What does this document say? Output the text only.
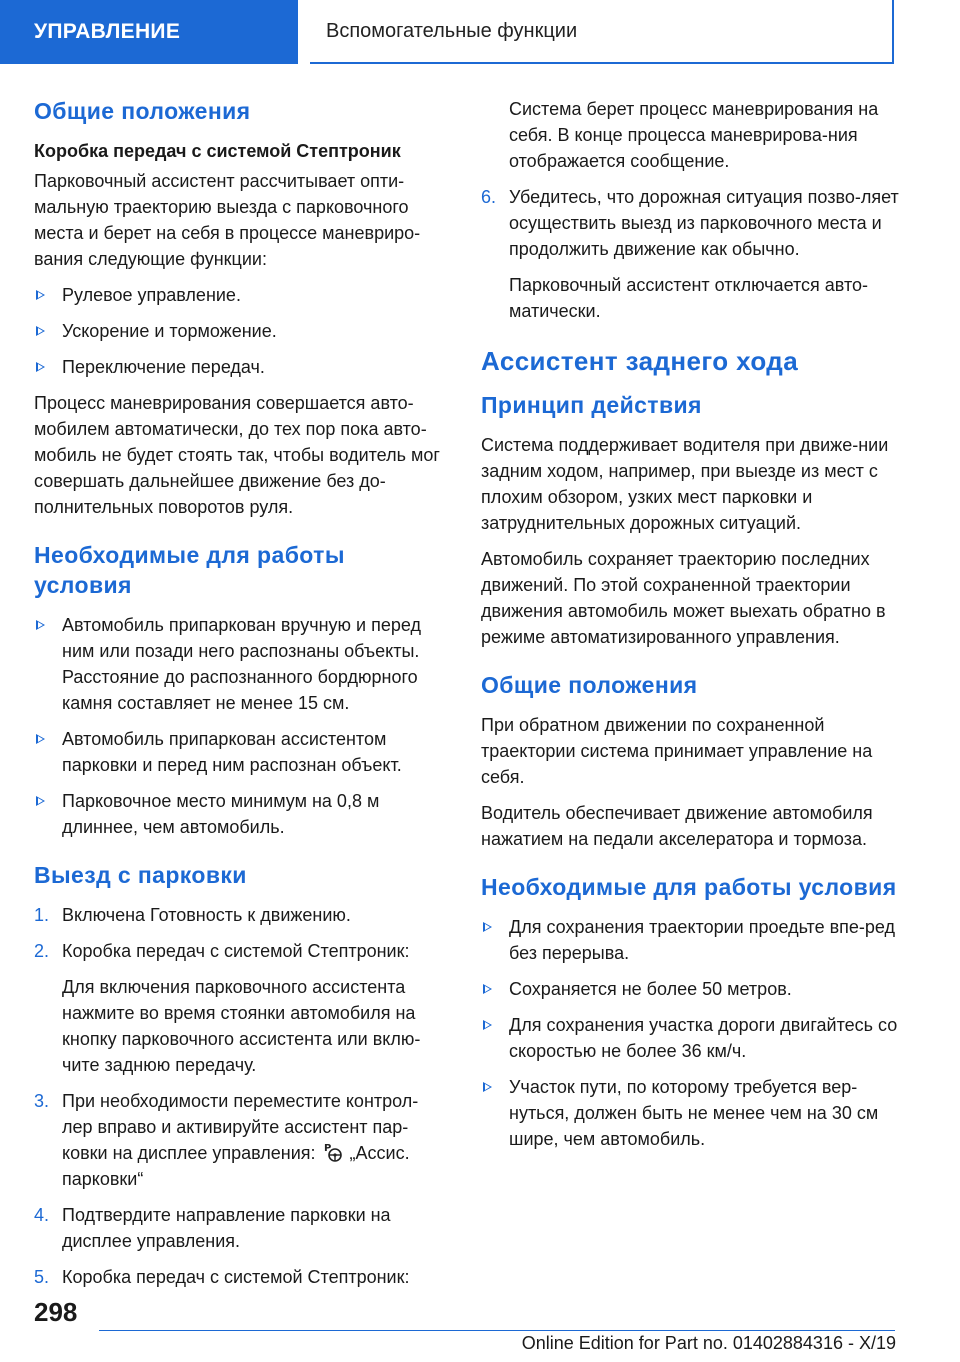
УПРАВЛЕНИЕ	Вспомогательные функции
Общие положения
Коробка передач с системой Стептроник

Парковочный ассистент рассчитывает опти-мальную траекторию выезда с парковочного места и берет на себя в процессе маневриро-вания следующие функции:

Рулевое управление.
Ускорение и торможение.
Переключение передач.

Процесс маневрирования совершается авто-мобилем автоматически, до тех пор пока авто-мобиль не будет стоять так, чтобы водитель мог совершать дальнейшее движение без до-полнительных поворотов руля.

Необходимые для работы условия
Автомобиль припаркован вручную и перед ним или позади него распознаны объекты. Расстояние до распознанного бордюрного камня составляет не менее 15 см.
Автомобиль припаркован ассистентом парковки и перед ним распознан объект.
Парковочное место минимум на 0,8 м длиннее, чем автомобиль.
Выезд с парковки
1. Включена Готовность к движению.
2. Коробка передач с системой Стептроник:
Для включения парковочного ассистента нажмите во время стоянки автомобиля на кнопку парковочного ассистента или вклю-чите заднюю передачу.
3. При необходимости переместите контрол-лер вправо и активируйте ассистент пар-ковки на дисплее управления: P „Ассис. парковки“
4. Подтвердите направление парковки на дисплее управления.
5. Коробка передач с системой Стептроник:
Система берет процесс маневрирования на себя. В конце процесса маневрирова-ния отображается сообщение.
6. Убедитесь, что дорожная ситуация позво-ляет осуществить выезд из парковочного места и продолжить движение как обычно.
Парковочный ассистент отключается авто-матически.
Ассистент заднего хода
Принцип действия

Система поддерживает водителя при движе-нии задним ходом, например, при выезде из мест с плохим обзором, узких мест парковки и затруднительных дорожных ситуаций.

Автомобиль сохраняет траекторию последних движений. По этой сохраненной траектории движения автомобиль может выехать обратно в режиме автоматизированного управления.

Общие положения

При обратном движении по сохраненной траектории система принимает управление на себя.

Водитель обеспечивает движение автомобиля нажатием на педали акселератора и тормоза.

Необходимые для работы условия
Для сохранения траектории проедьте впе-ред без перерыва.
Сохраняется не более 50 метров.
Для сохранения участка дороги двигайтесь со скоростью не более 36 км/ч.
Участок пути, по которому требуется вер-нуться, должен быть не менее чем на 30 см шире, чем автомобиль.
298
Online Edition for Part no. 01402884316 - X/19
